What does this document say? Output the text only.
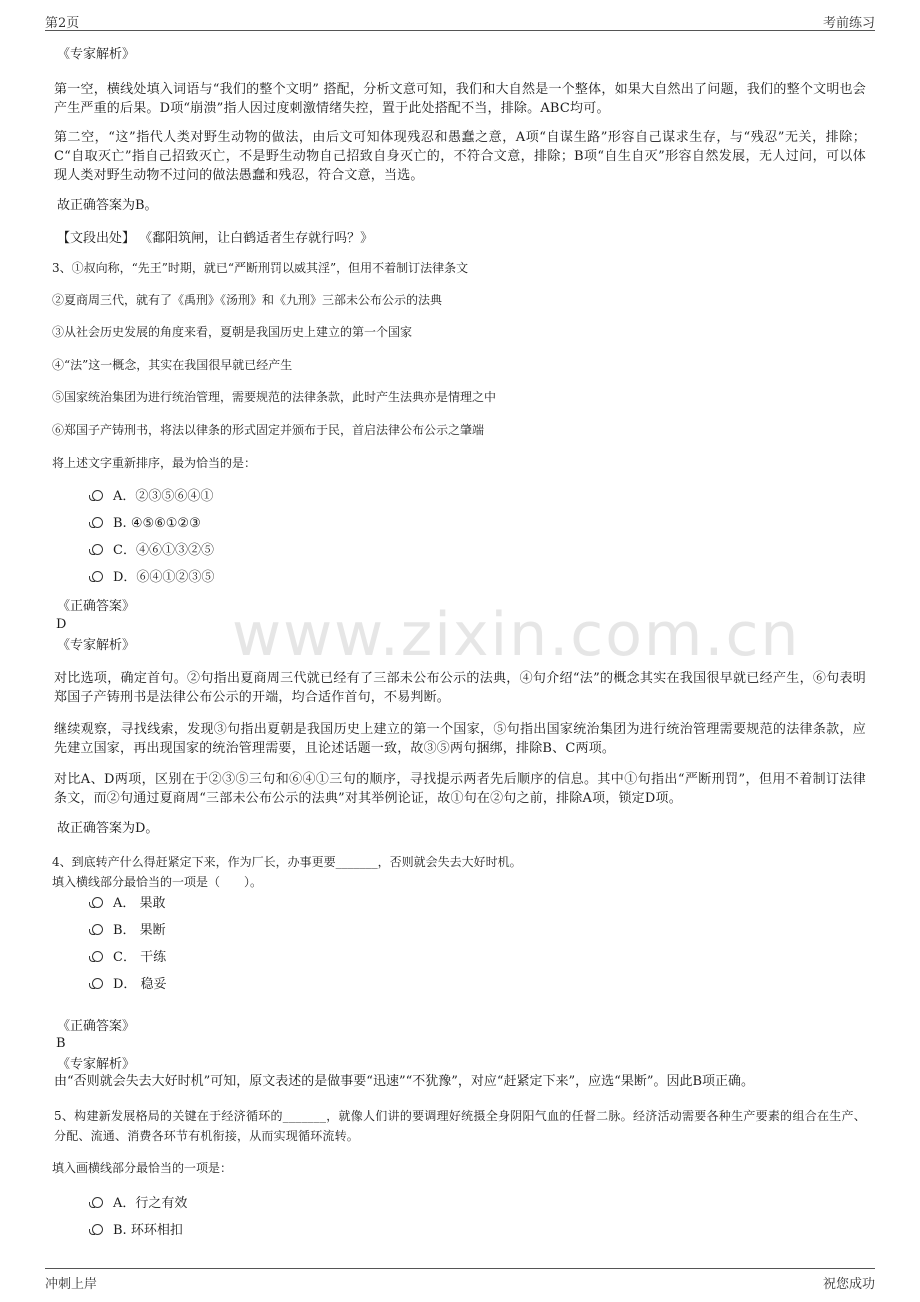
第2页	考前练习
www.zixin.com.cn
《专家解析》
第一空，横线处填入词语与“我们的整个文明” 搭配，分析文意可知，我们和大自然是一个整体，如果大自然出了问题，我们的整个文明也会产生严重的后果。D项“崩溃”指人因过度刺激情绪失控，置于此处搭配不当，排除。ABC均可。
第二空，“这”指代人类对野生动物的做法，由后文可知体现残忍和愚蠢之意，A项“自谋生路”形容自己谋求生存，与“残忍”无关，排除；C“自取灭亡”指自己招致灭亡，不是野生动物自己招致自身灭亡的，不符合文意，排除；B项“自生自灭”形容自然发展，无人过问，可以体现人类对野生动物不过问的做法愚蠢和残忍，符合文意，当选。
故正确答案为B。
【文段出处】 《鄱阳筑闸，让白鹤适者生存就行吗？》
3、①叔向称，“先王”时期，就已“严断刑罚以威其淫”，但用不着制订法律条文
②夏商周三代，就有了《禹刑》《汤刑》和《九刑》三部未公布公示的法典
③从社会历史发展的角度来看，夏朝是我国历史上建立的第一个国家
④“法”这一概念，其实在我国很早就已经产生
⑤国家统治集团为进行统治管理，需要规范的法律条款，此时产生法典亦是情理之中
⑥郑国子产铸刑书，将法以律条的形式固定并颁布于民，首启法律公布公示之肇端
将上述文字重新排序，最为恰当的是：
A．②③⑤⑥④①
B. ④⑤⑥①②③
C．④⑥①③②⑤
D．⑥④①②③⑤
《正确答案》
D
《专家解析》
对比选项，确定首句。②句指出夏商周三代就已经有了三部未公布公示的法典，④句介绍“法”的概念其实在我国很早就已经产生，⑥句表明郑国子产铸刑书是法律公布公示的开端，均合适作首句，不易判断。
继续观察，寻找线索，发现③句指出夏朝是我国历史上建立的第一个国家，⑤句指出国家统治集团为进行统治管理需要规范的法律条款，应先建立国家，再出现国家的统治管理需要，且论述话题一致，故③⑤两句捆绑，排除B、C两项。
对比A、D两项，区别在于②③⑤三句和⑥④①三句的顺序，寻找提示两者先后顺序的信息。其中①句指出“严断刑罚”，但用不着制订法律条文，而②句通过夏商周“三部未公布公示的法典”对其举例论证，故①句在②句之前，排除A项，锁定D项。
故正确答案为D。
4、到底转产什么得赶紧定下来，作为厂长，办事更要_______，否则就会失去大好时机。
填入横线部分最恰当的一项是（　　）。
A． 果敢
B． 果断
C． 干练
D． 稳妥
《正确答案》
B
《专家解析》
由“否则就会失去大好时机”可知，原文表述的是做事要“迅速”“不犹豫”，对应“赶紧定下来”，应选“果断”。因此B项正确。
5、构建新发展格局的关键在于经济循环的_______，就像人们讲的要调理好统摄全身阴阳气血的任督二脉。经济活动需要各种生产要素的组合在生产、分配、流通、消费各环节有机衔接，从而实现循环流转。
填入画横线部分最恰当的一项是：
A．行之有效
B. 环环相扣
冲刺上岸	祝您成功
